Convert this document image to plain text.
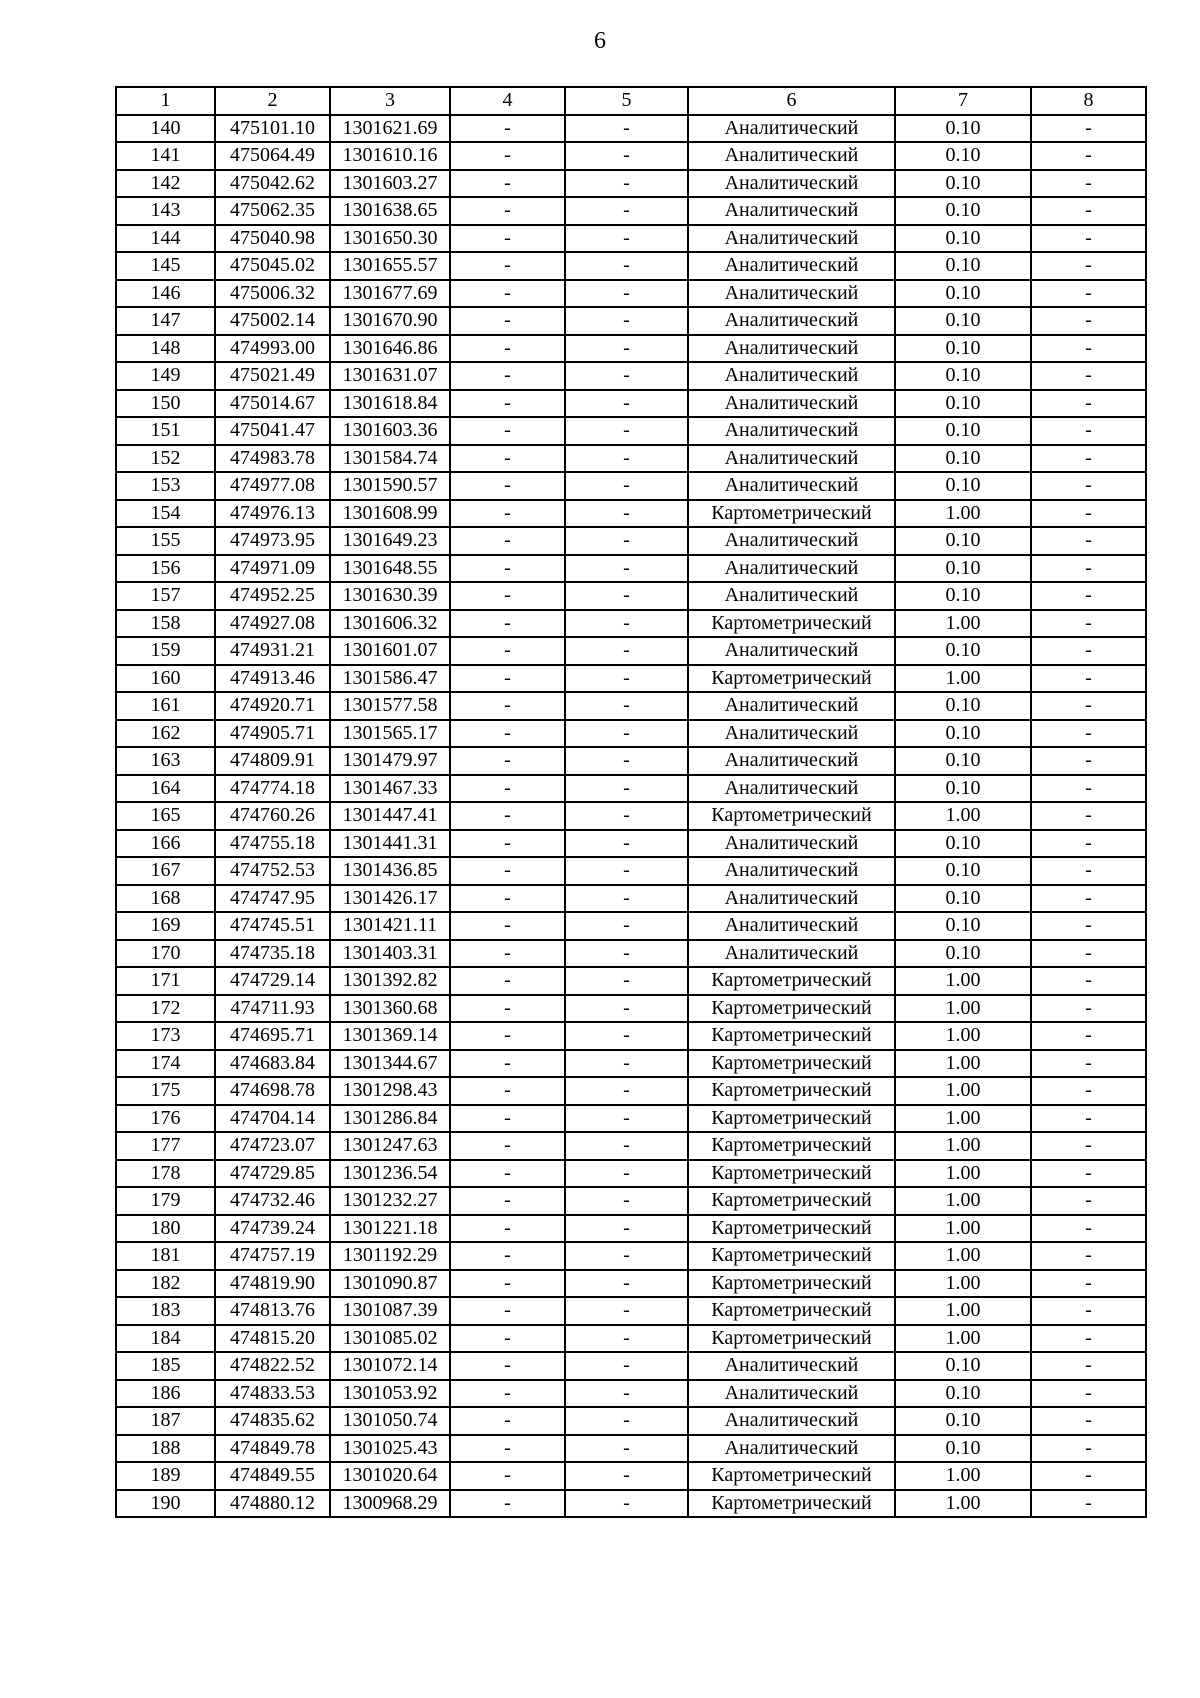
6
1	2	3	4	5	6	7	8
140	475101.10	1301621.69	-	-	Аналитический	0.10	-
141	475064.49	1301610.16	-	-	Аналитический	0.10	-
142	475042.62	1301603.27	-	-	Аналитический	0.10	-
143	475062.35	1301638.65	-	-	Аналитический	0.10	-
144	475040.98	1301650.30	-	-	Аналитический	0.10	-
145	475045.02	1301655.57	-	-	Аналитический	0.10	-
146	475006.32	1301677.69	-	-	Аналитический	0.10	-
147	475002.14	1301670.90	-	-	Аналитический	0.10	-
148	474993.00	1301646.86	-	-	Аналитический	0.10	-
149	475021.49	1301631.07	-	-	Аналитический	0.10	-
150	475014.67	1301618.84	-	-	Аналитический	0.10	-
151	475041.47	1301603.36	-	-	Аналитический	0.10	-
152	474983.78	1301584.74	-	-	Аналитический	0.10	-
153	474977.08	1301590.57	-	-	Аналитический	0.10	-
154	474976.13	1301608.99	-	-	Картометрический	1.00	-
155	474973.95	1301649.23	-	-	Аналитический	0.10	-
156	474971.09	1301648.55	-	-	Аналитический	0.10	-
157	474952.25	1301630.39	-	-	Аналитический	0.10	-
158	474927.08	1301606.32	-	-	Картометрический	1.00	-
159	474931.21	1301601.07	-	-	Аналитический	0.10	-
160	474913.46	1301586.47	-	-	Картометрический	1.00	-
161	474920.71	1301577.58	-	-	Аналитический	0.10	-
162	474905.71	1301565.17	-	-	Аналитический	0.10	-
163	474809.91	1301479.97	-	-	Аналитический	0.10	-
164	474774.18	1301467.33	-	-	Аналитический	0.10	-
165	474760.26	1301447.41	-	-	Картометрический	1.00	-
166	474755.18	1301441.31	-	-	Аналитический	0.10	-
167	474752.53	1301436.85	-	-	Аналитический	0.10	-
168	474747.95	1301426.17	-	-	Аналитический	0.10	-
169	474745.51	1301421.11	-	-	Аналитический	0.10	-
170	474735.18	1301403.31	-	-	Аналитический	0.10	-
171	474729.14	1301392.82	-	-	Картометрический	1.00	-
172	474711.93	1301360.68	-	-	Картометрический	1.00	-
173	474695.71	1301369.14	-	-	Картометрический	1.00	-
174	474683.84	1301344.67	-	-	Картометрический	1.00	-
175	474698.78	1301298.43	-	-	Картометрический	1.00	-
176	474704.14	1301286.84	-	-	Картометрический	1.00	-
177	474723.07	1301247.63	-	-	Картометрический	1.00	-
178	474729.85	1301236.54	-	-	Картометрический	1.00	-
179	474732.46	1301232.27	-	-	Картометрический	1.00	-
180	474739.24	1301221.18	-	-	Картометрический	1.00	-
181	474757.19	1301192.29	-	-	Картометрический	1.00	-
182	474819.90	1301090.87	-	-	Картометрический	1.00	-
183	474813.76	1301087.39	-	-	Картометрический	1.00	-
184	474815.20	1301085.02	-	-	Картометрический	1.00	-
185	474822.52	1301072.14	-	-	Аналитический	0.10	-
186	474833.53	1301053.92	-	-	Аналитический	0.10	-
187	474835.62	1301050.74	-	-	Аналитический	0.10	-
188	474849.78	1301025.43	-	-	Аналитический	0.10	-
189	474849.55	1301020.64	-	-	Картометрический	1.00	-
190	474880.12	1300968.29	-	-	Картометрический	1.00	-
